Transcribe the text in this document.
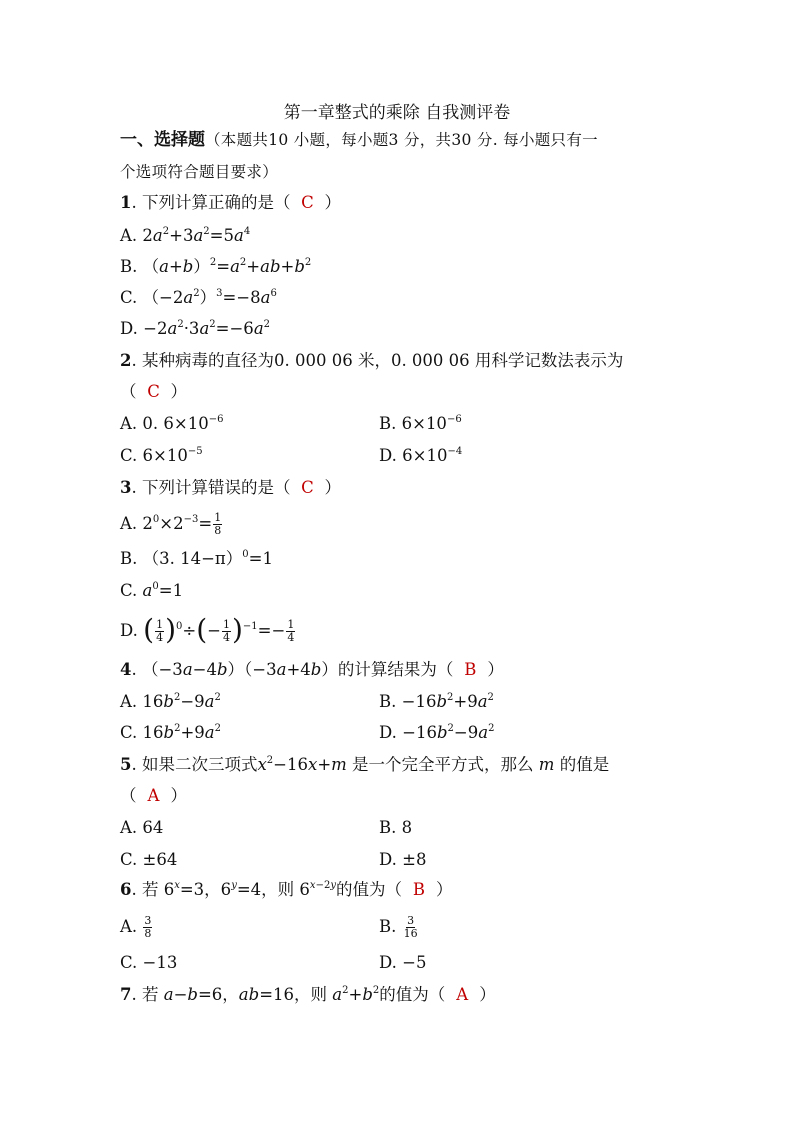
第一章整式的乘除 自我测评卷
一、选择题（本题共10 小题，每小题3 分，共30 分. 每小题只有一
个选项符合题目要求）
1. 下列计算正确的是（ C ）
A. $2a^2+3a^2=5a^4$
B. $(a+b)^2=a^2+ab+b^2$
C. $(-2a^2)^3=-8a^6$
D. $-2a^2\cdot 3a^2=-6a^2$
2. 某种病毒的直径为0. 000 06 米，0. 000 06 用科学记数法表示为
（ C ）
A. 0. $6\times 10^{-6}$	B. $6\times 10^{-6}$
C. $6\times 10^{-5}$	D. $6\times 10^{-4}$
3. 下列计算错误的是（ C ）
A. $2^0\times 2^{-3}= \frac{1}{8}$
B. （3. 14−π）$^0$=1
C. $a^0=1$
D. ( $\frac{1}{4} )^0\div(- \frac{1}{4} )^{-1}=- \frac{1}{4}$
4. （−3a−4b）（−3a+4b）的计算结果为（ B ）
A. $16b^2-9a^2$	B. $-16b^2+9a^2$
C. $16b^2+9a^2$	D. $-16b^2-9a^2$
5. 如果二次三项式$x^2-16x+m$ 是一个完全平方式，那么 m 的值是
（ A ）
A. 64	B. 8
C. ±64	D. ±8
6. 若 $6^x=3$，$6^y=4$，则 $6^{x-2y}$的值为（ B ）
A. $\frac{3}{8}$	B. $\frac{3}{16}$
C. −13	D. −5
7. 若 a−b=6，ab=16，则 $a^2+b^2$的值为（ A ）
